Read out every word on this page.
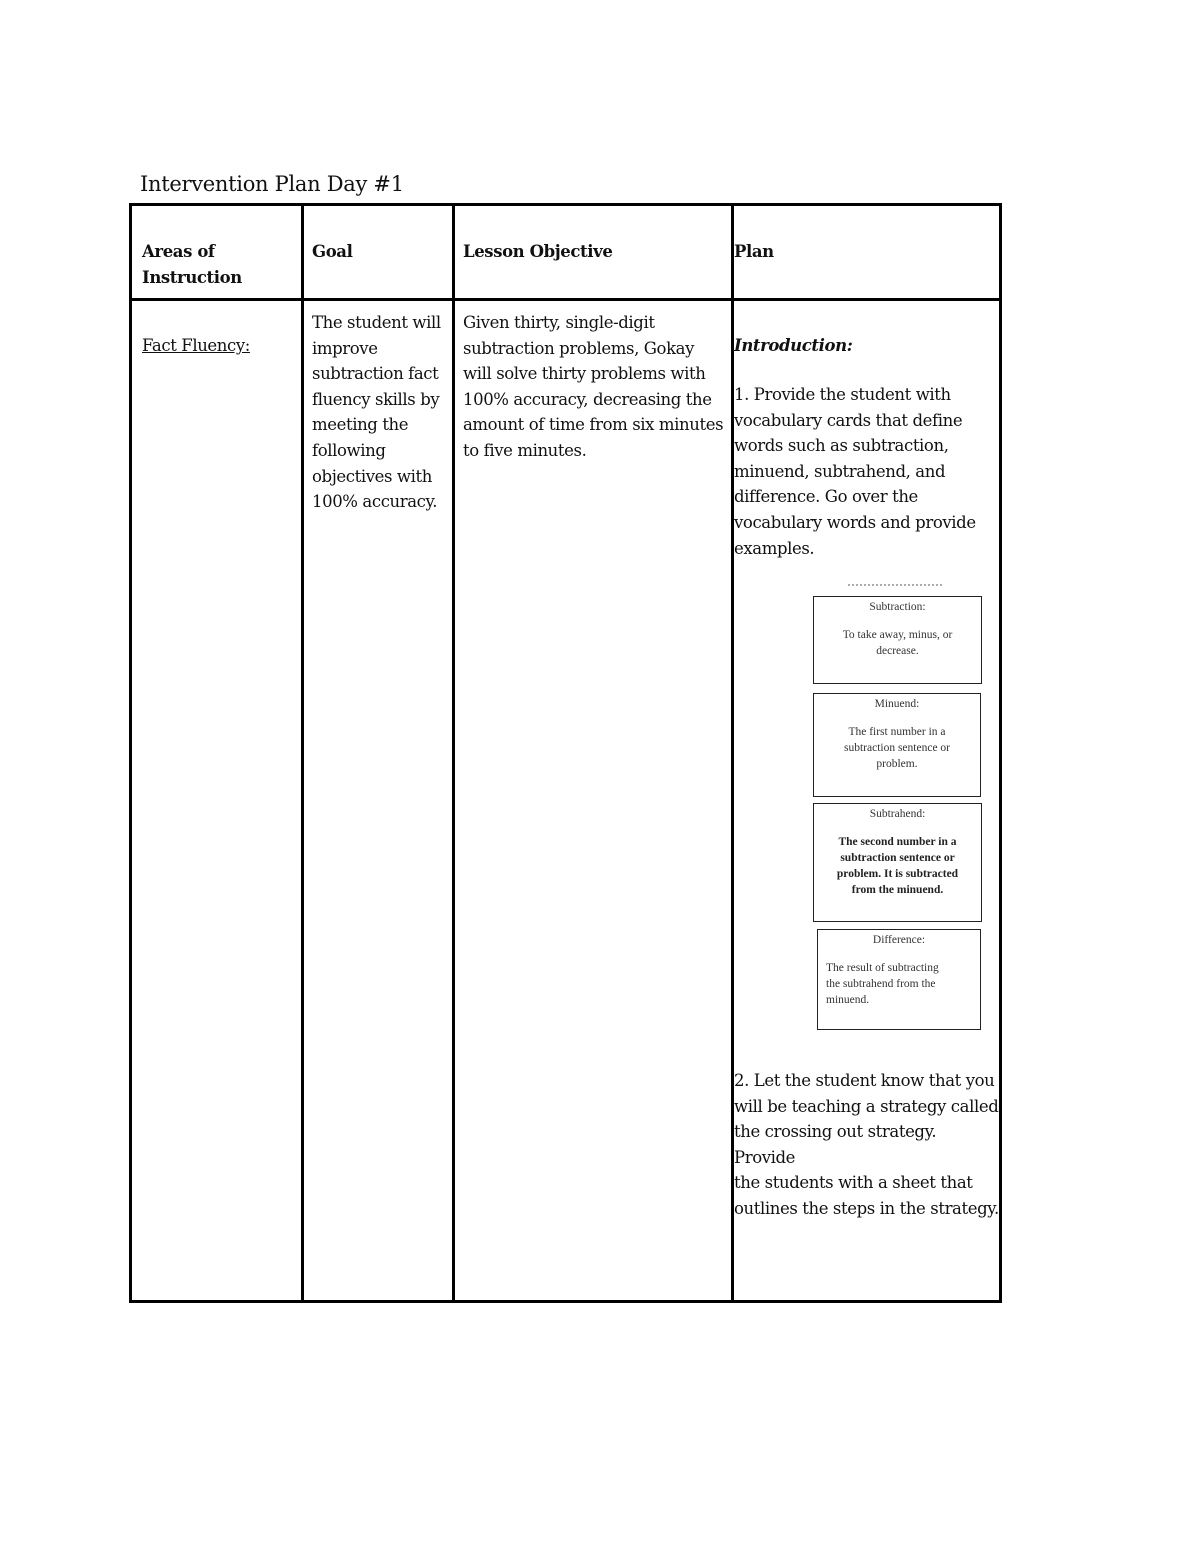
Intervention Plan Day #1
Areas of
Instruction
Goal	Lesson Objective	Plan
Fact Fluency:
The student will
improve
subtraction fact
fluency skills by
meeting the
following
objectives with
100% accuracy.
Given thirty, single-digit
subtraction problems, Gokay
will solve thirty problems with
100% accuracy, decreasing the
amount of time from six minutes
to five minutes.
Introduction:
1. Provide the student with
vocabulary cards that define
words such as subtraction,
minuend, subtrahend, and
difference. Go over the
vocabulary words and provide
examples.
2. Let the student know that you
will be teaching a strategy called
the crossing out strategy. Provide
the students with a sheet that
outlines the steps in the strategy.
Subtraction:
To take away, minus, or
decrease.
Minuend:
The first number in a
subtraction sentence or
problem.
Subtrahend:
The second number in a
subtraction sentence or
problem. It is subtracted
from the minuend.
Difference:
The result of subtracting
the subtrahend from the
minuend.
